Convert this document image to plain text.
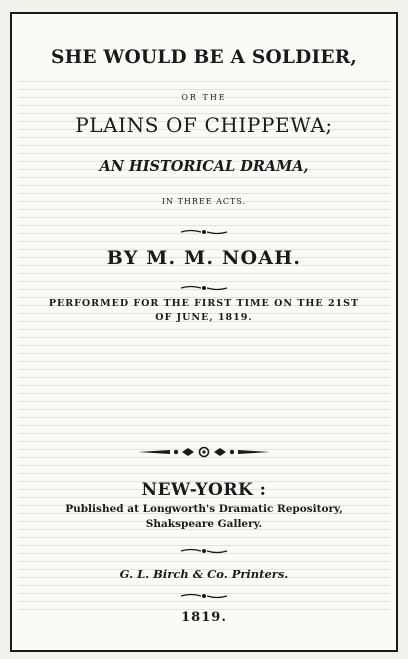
SHE WOULD BE A SOLDIER,
OR THE
PLAINS OF CHIPPEWA;
AN HISTORICAL DRAMA,
IN THREE ACTS.
BY M. M. NOAH.
PERFORMED FOR THE FIRST TIME ON THE 21ST
OF JUNE, 1819.
NEW-YORK :
Published at Longworth's Dramatic Repository,
Shakspeare Gallery.
G. L. Birch & Co. Printers.
1819.
